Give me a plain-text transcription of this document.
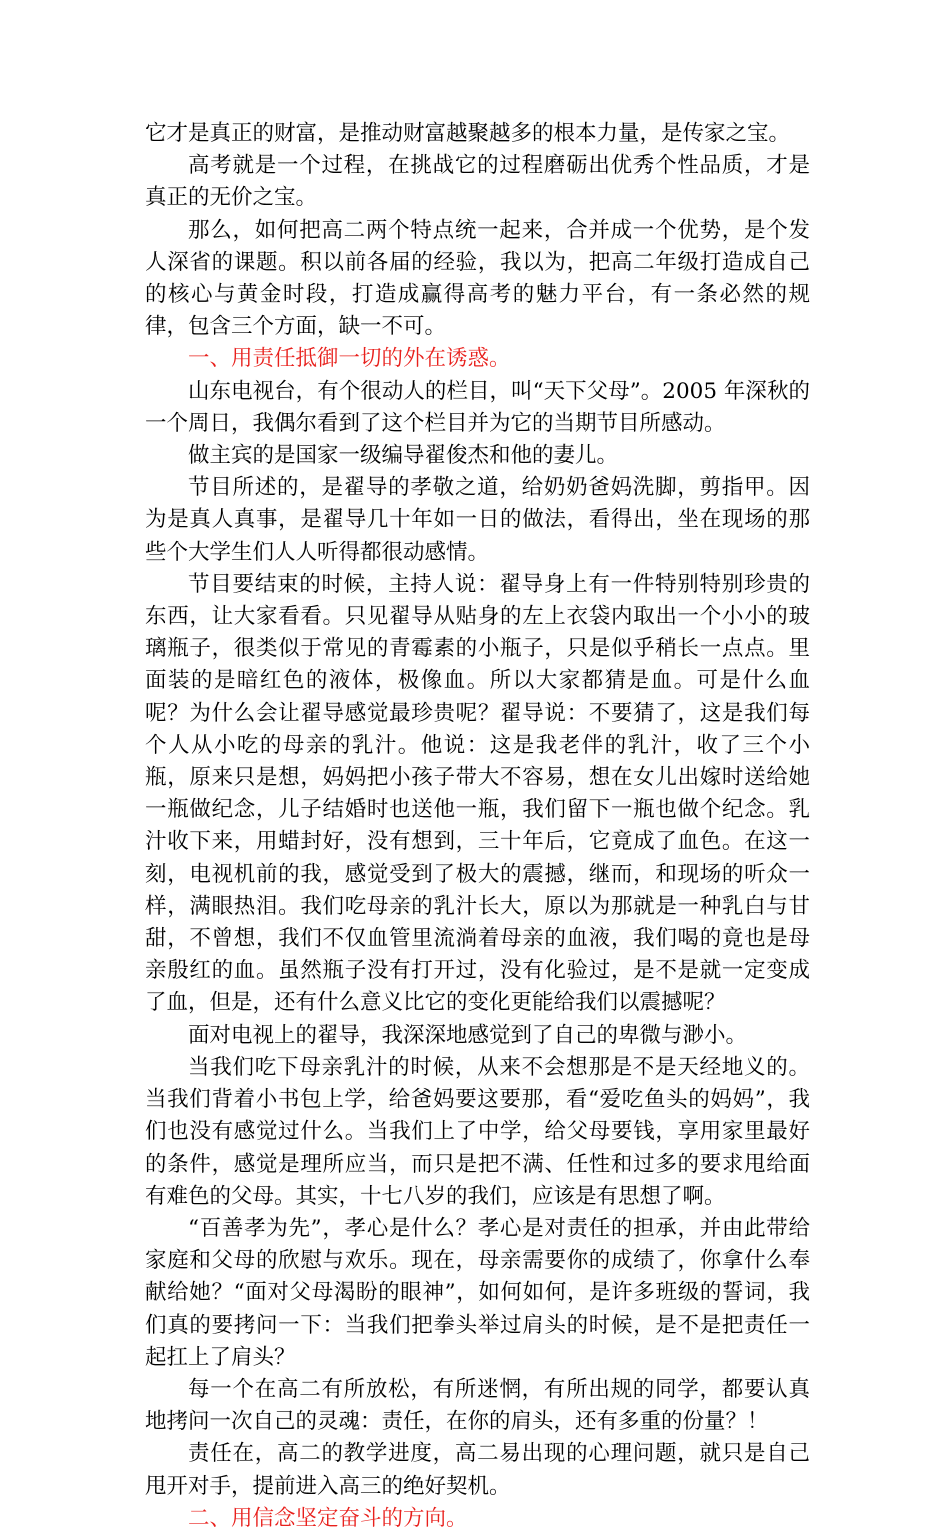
它才是真正的财富，是推动财富越聚越多的根本力量，是传家之宝。

高考就是一个过程，在挑战它的过程磨砺出优秀个性品质，才是真正的无价之宝。

那么，如何把高二两个特点统一起来，合并成一个优势，是个发人深省的课题。积以前各届的经验，我以为，把高二年级打造成自己的核心与黄金时段，打造成赢得高考的魅力平台，有一条必然的规律，包含三个方面，缺一不可。

一、用责任抵御一切的外在诱惑。

山东电视台，有个很动人的栏目，叫“天下父母”。2005 年深秋的一个周日，我偶尔看到了这个栏目并为它的当期节目所感动。

做主宾的是国家一级编导翟俊杰和他的妻儿。

节目所述的，是翟导的孝敬之道，给奶奶爸妈洗脚，剪指甲。因为是真人真事，是翟导几十年如一日的做法，看得出，坐在现场的那些个大学生们人人听得都很动感情。

节目要结束的时候，主持人说：翟导身上有一件特别特别珍贵的东西，让大家看看。只见翟导从贴身的左上衣袋内取出一个小小的玻璃瓶子，很类似于常见的青霉素的小瓶子，只是似乎稍长一点点。里面装的是暗红色的液体，极像血。所以大家都猜是血。可是什么血呢？为什么会让翟导感觉最珍贵呢？翟导说：不要猜了，这是我们每个人从小吃的母亲的乳汁。他说：这是我老伴的乳汁，收了三个小瓶，原来只是想，妈妈把小孩子带大不容易，想在女儿出嫁时送给她一瓶做纪念，儿子结婚时也送他一瓶，我们留下一瓶也做个纪念。乳汁收下来，用蜡封好，没有想到，三十年后，它竟成了血色。在这一刻，电视机前的我，感觉受到了极大的震撼，继而，和现场的听众一样，满眼热泪。我们吃母亲的乳汁长大，原以为那就是一种乳白与甘甜，不曾想，我们不仅血管里流淌着母亲的血液，我们喝的竟也是母亲殷红的血。虽然瓶子没有打开过，没有化验过，是不是就一定变成了血，但是，还有什么意义比它的变化更能给我们以震撼呢？

面对电视上的翟导，我深深地感觉到了自己的卑微与渺小。

当我们吃下母亲乳汁的时候，从来不会想那是不是天经地义的。当我们背着小书包上学，给爸妈要这要那，看“爱吃鱼头的妈妈”，我们也没有感觉过什么。当我们上了中学，给父母要钱，享用家里最好的条件，感觉是理所应当，而只是把不满、任性和过多的要求甩给面有难色的父母。其实，十七八岁的我们，应该是有思想了啊。

“百善孝为先”，孝心是什么？孝心是对责任的担承，并由此带给家庭和父母的欣慰与欢乐。现在，母亲需要你的成绩了，你拿什么奉献给她？“面对父母渴盼的眼神”，如何如何，是许多班级的誓词，我们真的要拷问一下：当我们把拳头举过肩头的时候，是不是把责任一起扛上了肩头？

每一个在高二有所放松，有所迷惘，有所出规的同学，都要认真地拷问一次自己的灵魂：责任，在你的肩头，还有多重的份量？！

责任在，高二的教学进度，高二易出现的心理问题，就只是自己甩开对手，提前进入高三的绝好契机。

二、用信念坚定奋斗的方向。
